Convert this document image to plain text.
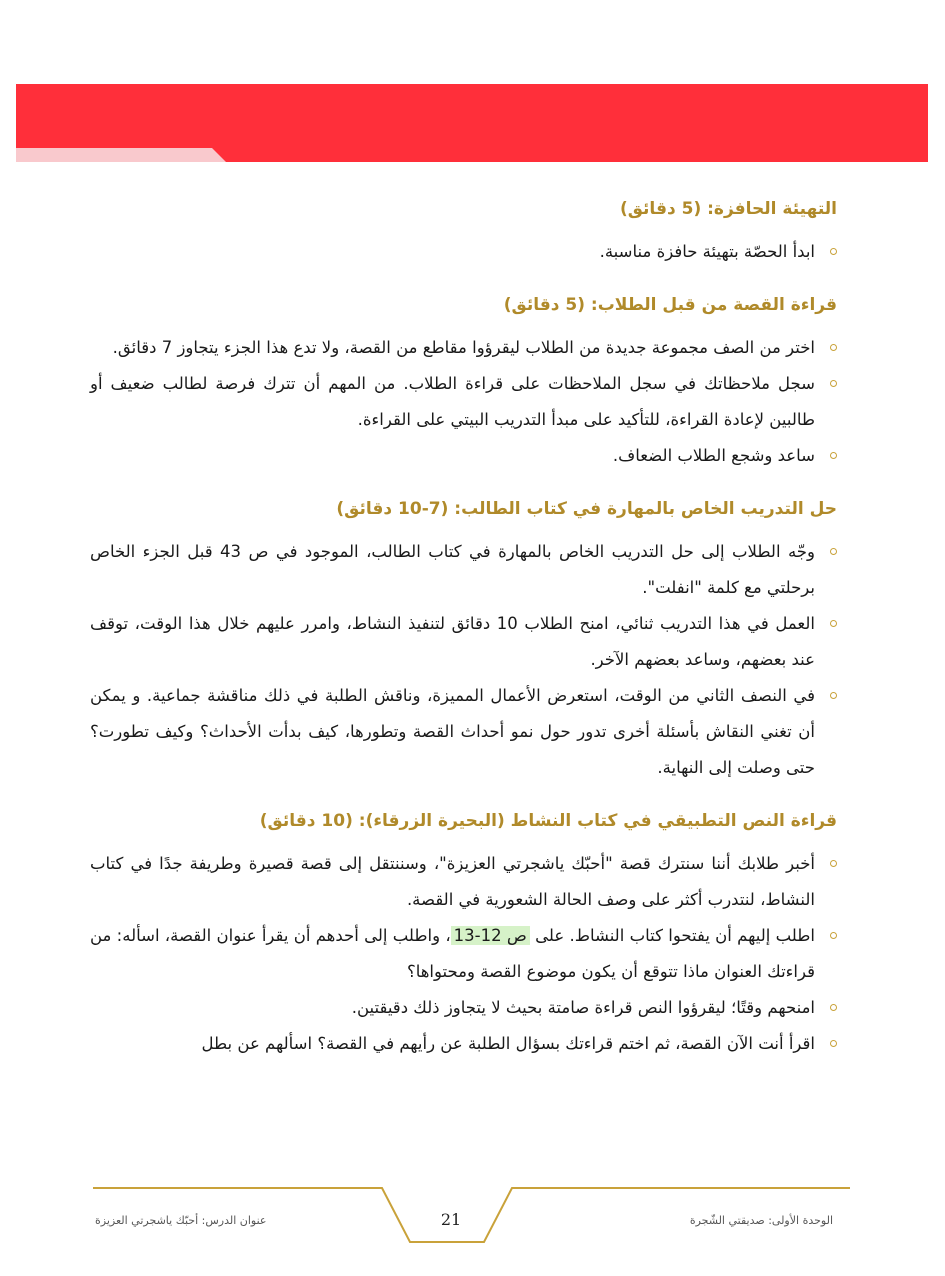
التهيئة الحافزة: (5 دقائق)
ابدأ الحصّة بتهيئة حافزة مناسبة.
قراءة القصة من قبل الطلاب: (5 دقائق)
اختر من الصف مجموعة جديدة من الطلاب ليقرؤوا مقاطع من القصة، ولا تدع هذا الجزء يتجاوز 7 دقائق.
سجل ملاحظاتك في سجل الملاحظات على قراءة الطلاب. من المهم أن تترك فرصة لطالب ضعيف أو طالبين لإعادة القراءة، للتأكيد على مبدأ التدريب البيتي على القراءة.
ساعد وشجع الطلاب الضعاف.
حل التدريب الخاص بالمهارة في كتاب الطالب: (7-10 دقائق)
وجّه الطلاب إلى حل التدريب الخاص بالمهارة في كتاب الطالب، الموجود في ص 43 قبل الجزء الخاص برحلتي مع كلمة "انفلت".
العمل في هذا التدريب ثنائي، امنح الطلاب 10 دقائق لتنفيذ النشاط، وامرر عليهم خلال هذا الوقت، توقف عند بعضهم، وساعد بعضهم الآخر.
في النصف الثاني من الوقت، استعرض الأعمال المميزة، وناقش الطلبة في ذلك مناقشة جماعية. و يمكن أن تغني النقاش بأسئلة أخرى تدور حول نمو أحداث القصة وتطورها، كيف بدأت الأحداث؟ وكيف تطورت؟ حتى وصلت إلى النهاية.
قراءة النص التطبيقي في كتاب النشاط (البحيرة الزرقاء): (10 دقائق)
أخبر طلابك أننا سنترك قصة "أحبّك ياشجرتي العزيزة"، وسننتقل إلى قصة قصيرة وطريفة جدًا في كتاب النشاط، لنتدرب أكثر على وصف الحالة الشعورية في القصة.
اطلب إليهم أن يفتحوا كتاب النشاط. على ص 12-13، واطلب إلى أحدهم أن يقرأ عنوان القصة، اسأله: من قراءتك العنوان ماذا تتوقع أن يكون موضوع القصة ومحتواها؟
امنحهم وقتًا؛ ليقرؤوا النص قراءة صامتة بحيث لا يتجاوز ذلك دقيقتين.
اقرأ أنت الآن القصة، ثم اختم قراءتك بسؤال الطلبة عن رأيهم في القصة؟ اسألهم عن بطل
الوحدة الأولى: صديقتي الشّجرة
21
عنوان الدرس: أحبّك ياشجرتي العزيزة
